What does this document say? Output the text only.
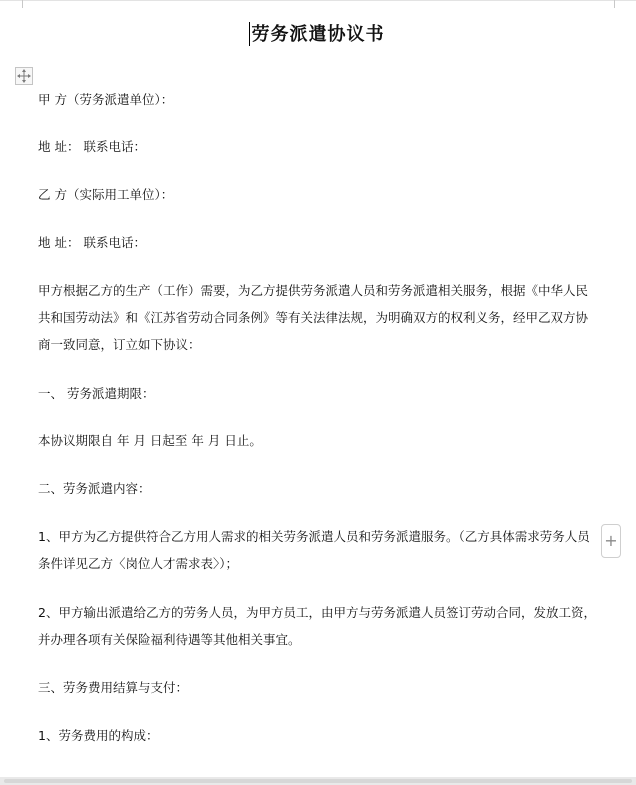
劳务派遣协议书

甲 方（劳务派遣单位）：

地 址： 联系电话：

乙 方（实际用工单位）：

地 址： 联系电话：

甲方根据乙方的生产（工作）需要，为乙方提供劳务派遣人员和劳务派遣相关服务，根据《中华人民共和国劳动法》和《江苏省劳动合同条例》等有关法律法规，为明确双方的权利义务，经甲乙双方协商一致同意，订立如下协议：

一、 劳务派遣期限：

本协议期限自 年 月 日起至 年 月 日止。

二、劳务派遣内容：

1、甲方为乙方提供符合乙方用人需求的相关劳务派遣人员和劳务派遣服务。（乙方具体需求劳务人员条件详见乙方〈岗位人才需求表〉）；

2、甲方输出派遣给乙方的劳务人员，为甲方员工，由甲方与劳务派遣人员签订劳动合同，发放工资，并办理各项有关保险福利待遇等其他相关事宜。

三、劳务费用结算与支付：

1、劳务费用的构成：

+
